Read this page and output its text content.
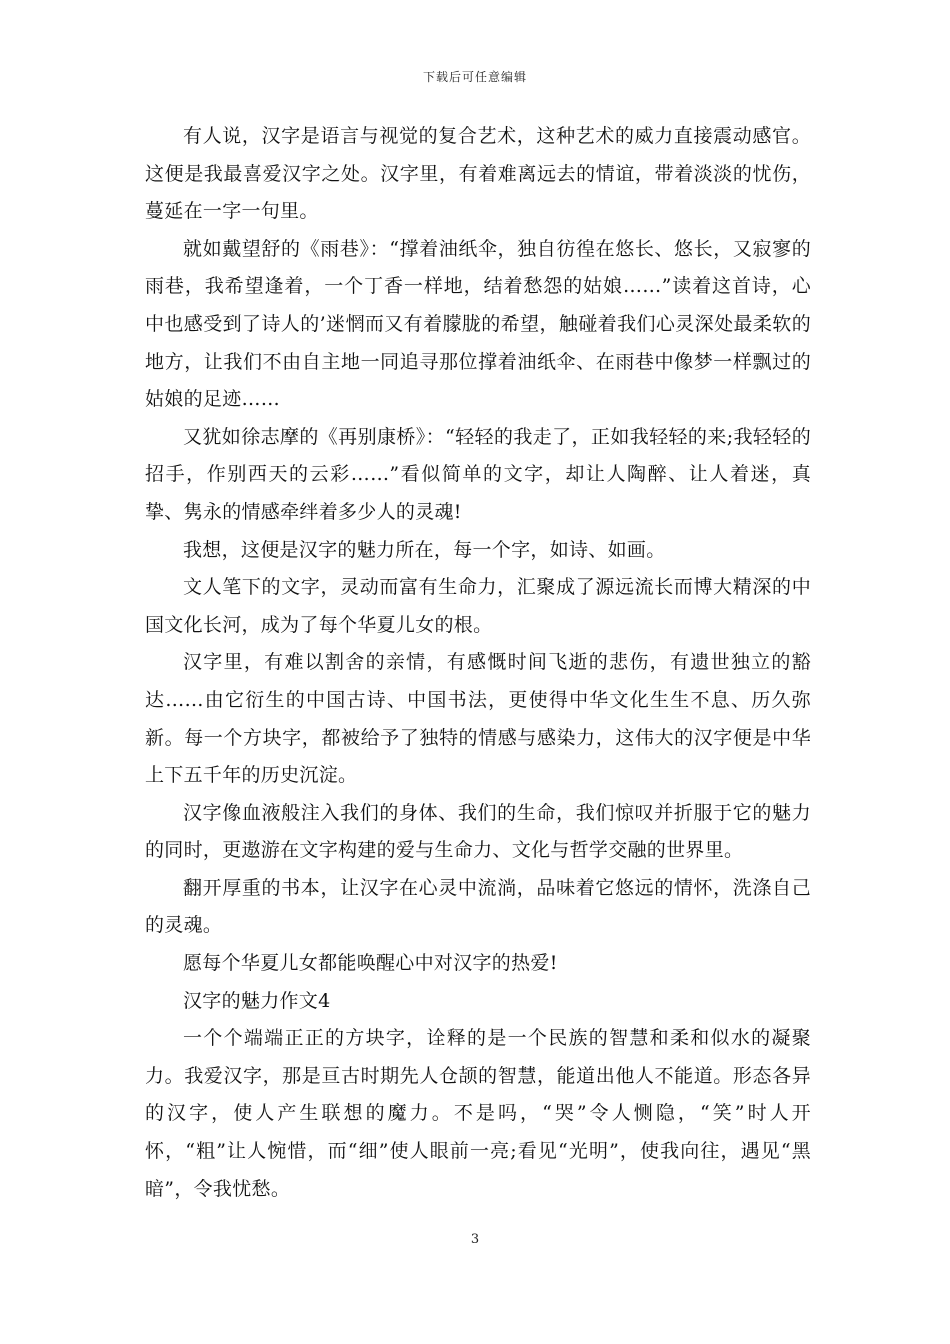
下载后可任意编辑

有人说，汉字是语言与视觉的复合艺术，这种艺术的威力直接震动感官。这便是我最喜爱汉字之处。汉字里，有着难离远去的情谊，带着淡淡的忧伤，蔓延在一字一句里。

就如戴望舒的《雨巷》：“撑着油纸伞，独自彷徨在悠长、悠长，又寂寥的雨巷，我希望逢着，一个丁香一样地，结着愁怨的姑娘……”读着这首诗，心中也感受到了诗人的’迷惘而又有着朦胧的希望，触碰着我们心灵深处最柔软的地方，让我们不由自主地一同追寻那位撑着油纸伞、在雨巷中像梦一样飘过的姑娘的足迹……

又犹如徐志摩的《再别康桥》：“轻轻的我走了，正如我轻轻的来;我轻轻的招手，作别西天的云彩……”看似简单的文字，却让人陶醉、让人着迷，真挚、隽永的情感牵绊着多少人的灵魂!

我想，这便是汉字的魅力所在，每一个字，如诗、如画。

文人笔下的文字，灵动而富有生命力，汇聚成了源远流长而博大精深的中国文化长河，成为了每个华夏儿女的根。

汉字里，有难以割舍的亲情，有感慨时间飞逝的悲伤，有遗世独立的豁达……由它衍生的中国古诗、中国书法，更使得中华文化生生不息、历久弥新。每一个方块字，都被给予了独特的情感与感染力，这伟大的汉字便是中华上下五千年的历史沉淀。

汉字像血液般注入我们的身体、我们的生命，我们惊叹并折服于它的魅力的同时，更遨游在文字构建的爱与生命力、文化与哲学交融的世界里。

翻开厚重的书本，让汉字在心灵中流淌，品味着它悠远的情怀，洗涤自己的灵魂。

愿每个华夏儿女都能唤醒心中对汉字的热爱!

汉字的魅力作文4

一个个端端正正的方块字，诠释的是一个民族的智慧和柔和似水的凝聚力。我爱汉字，那是亘古时期先人仓颉的智慧，能道出他人不能道。形态各异的汉字，使人产生联想的魔力。不是吗，“哭”令人恻隐，“笑”时人开怀，“粗”让人惋惜，而“细”使人眼前一亮;看见“光明”，使我向往，遇见“黑暗”，令我忧愁。

3
